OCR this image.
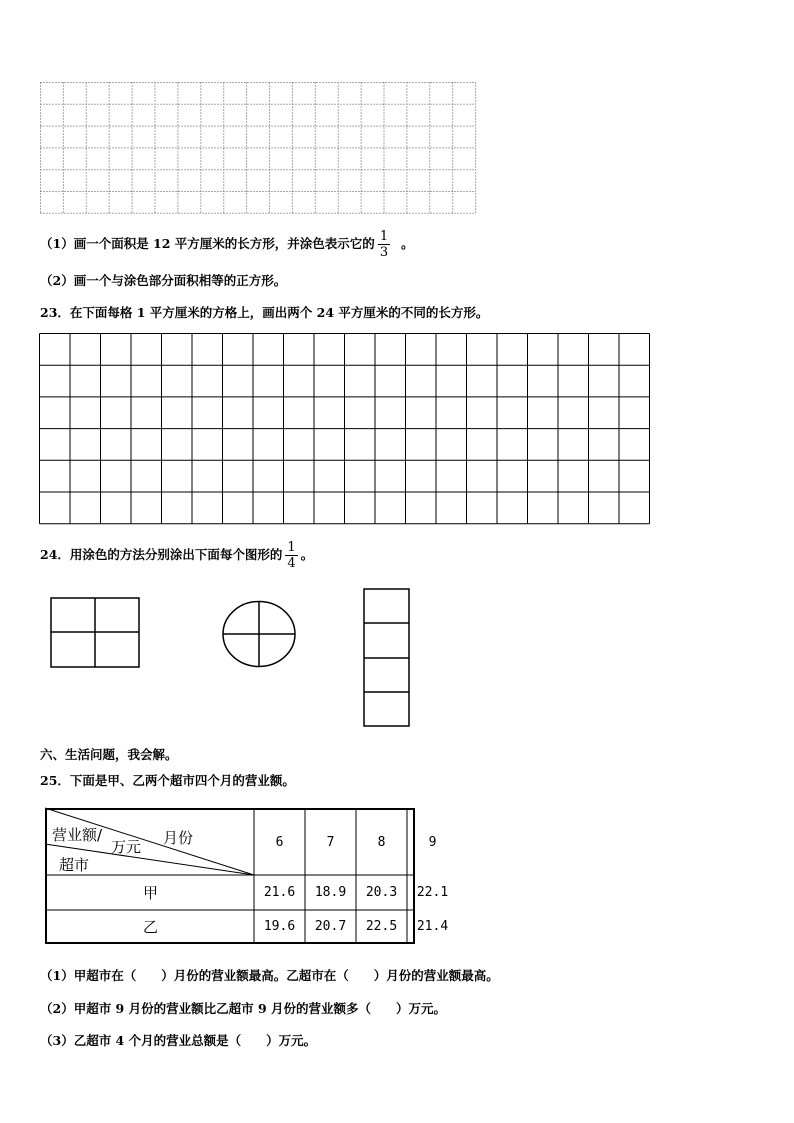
（1）画一个面积是 12 平方厘米的长方形，并涂色表示它的 $\frac{1}{3}$ 。
（2）画一个与涂色部分面积相等的正方形。
23．在下面每格 1 平方厘米的方格上，画出两个 24 平方厘米的不同的长方形。
24．用涂色的方法分别涂出下面每个图形的 $\frac{1}{4}$ 。
六、生活问题，我会解。
25．下面是甲、乙两个超市四个月的营业额。
营业额/
万元 月份
超市
6	7	8	9
甲	21.6	18.9	20.3	22.1
乙	19.6	20.7	22.5	21.4
（1）甲超市在（　　）月份的营业额最高。乙超市在（　　）月份的营业额最高。
（2）甲超市 9 月份的营业额比乙超市 9 月份的营业额多（　　）万元。
（3）乙超市 4 个月的营业总额是（　　）万元。
